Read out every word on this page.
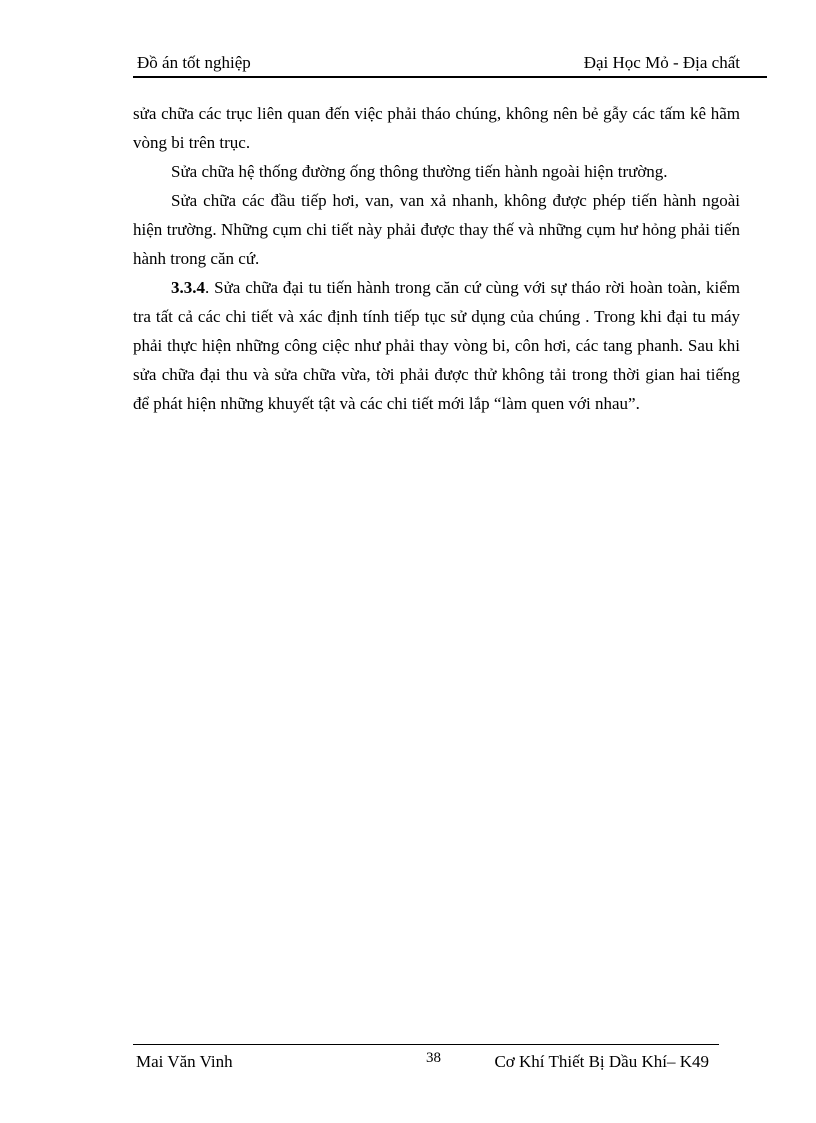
Đồ án tốt nghiệp	Đại Học Mỏ - Địa chất

sửa chữa các trục liên quan đến việc phải tháo chúng, không nên bẻ gẫy các tấm kê hãm vòng bi trên trục.

Sửa chữa hệ thống đường ống thông thường tiến hành ngoài hiện trường.

Sửa chữa các đầu tiếp hơi, van, van xả nhanh, không được phép tiến hành ngoài hiện trường. Những cụm chi tiết này phải được thay thế và những cụm hư hỏng phải tiến hành trong căn cứ.

3.3.4. Sửa chữa đại tu tiến hành trong căn cứ cùng với sự tháo rời hoàn toàn, kiểm tra tất cả các chi tiết và xác định tính tiếp tục sử dụng của chúng . Trong khi đại tu máy phải thực hiện những công ciệc như phải thay vòng bi, côn hơi, các tang phanh. Sau khi sửa chữa đại thu và sửa chữa vừa, tời phải được thử không tải trong thời gian hai tiếng để phát hiện những khuyết tật và các chi tiết mới lắp “làm quen với nhau”.

Mai Văn Vinh	38	Cơ Khí Thiết Bị Dầu Khí– K49
